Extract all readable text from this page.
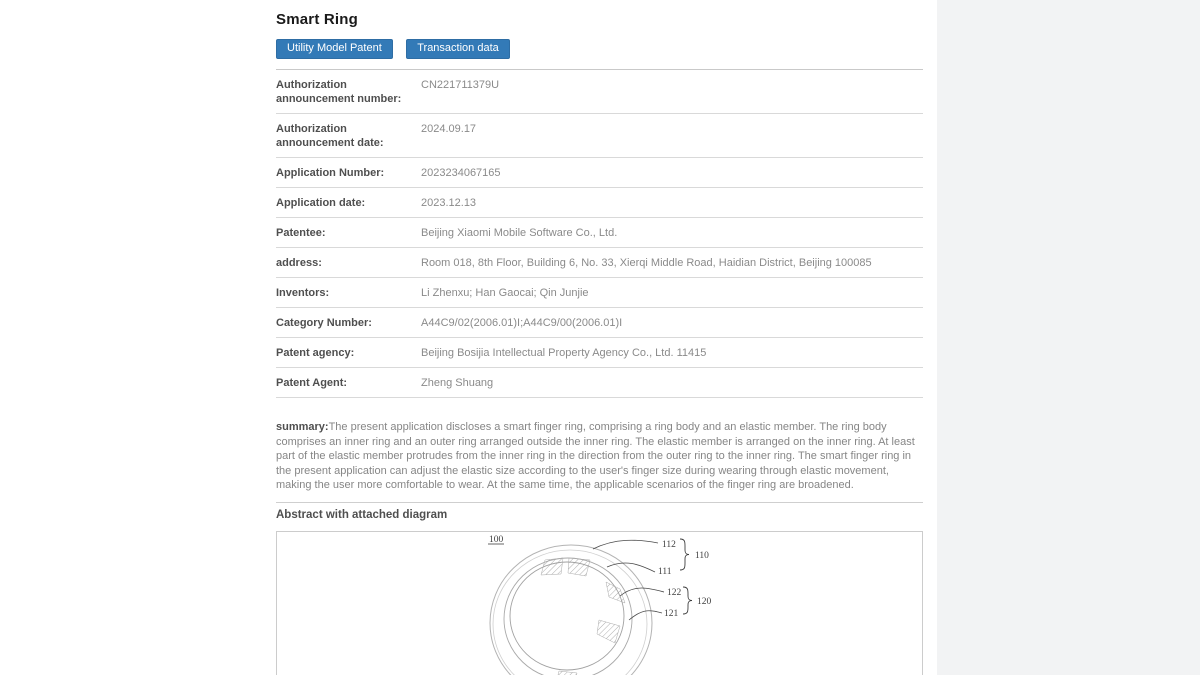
Smart Ring
Utility Model Patent	Transaction data
Authorization announcement number:
CN221711379U
Authorization announcement date:
2024.09.17
Application Number:	2023234067165
Application date:	2023.12.13
Patentee:	Beijing Xiaomi Mobile Software Co., Ltd.
address:	Room 018, 8th Floor, Building 6, No. 33, Xierqi Middle Road, Haidian District, Beijing 100085
Inventors:	Li Zhenxu; Han Gaocai; Qin Junjie
Category Number:	A44C9/02(2006.01)I;A44C9/00(2006.01)I
Patent agency:	Beijing Bosijia Intellectual Property Agency Co., Ltd. 11415
Patent Agent:	Zheng Shuang
summary:The present application discloses a smart finger ring, comprising a ring body and an elastic member. The ring body comprises an inner ring and an outer ring arranged outside the inner ring. The elastic member is arranged on the inner ring. At least part of the elastic member protrudes from the inner ring in the direction from the outer ring to the inner ring. The smart finger ring in the present application can adjust the elastic size according to the user's finger size during wearing through elastic movement, making the user more comfortable to wear. At the same time, the applicable scenarios of the finger ring are broadened.
Abstract with attached diagram
100	112
111
110
122
121
120
